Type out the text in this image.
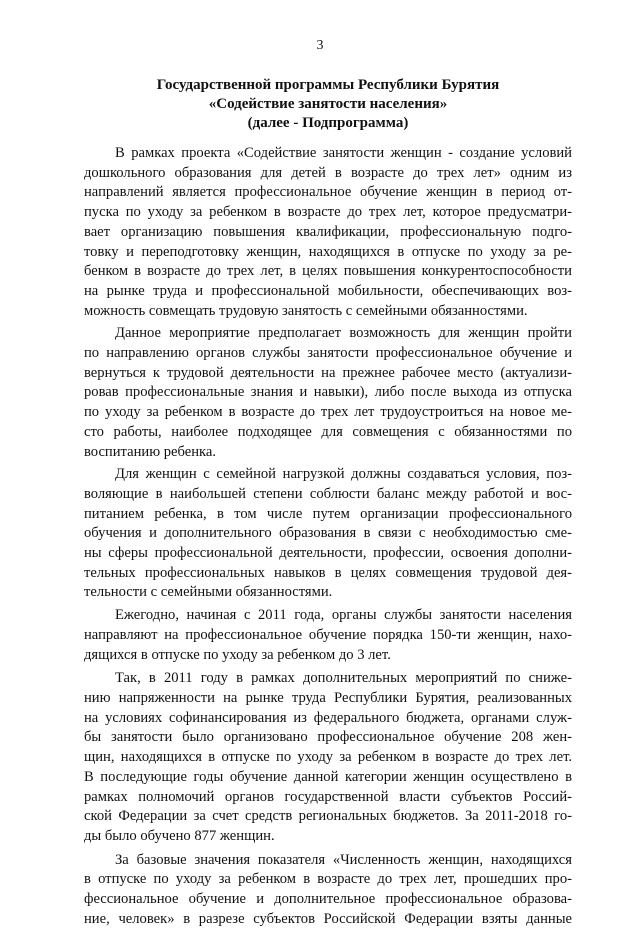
3
Государственной программы Республики Бурятия
«Содействие занятости населения»
(далее - Подпрограмма)

В рамках проекта «Содействие занятости женщин - создание условий
дошкольного образования для детей в возрасте до трех лет» одним из
направлений является профессиональное обучение женщин в период от-
пуска по уходу за ребенком в возрасте до трех лет, которое предусматри-
вает организацию повышения квалификации, профессиональную подго-
товку и переподготовку женщин, находящихся в отпуске по уходу за ре-
бенком в возрасте до трех лет, в целях повышения конкурентоспособности
на рынке труда и профессиональной мобильности, обеспечивающих воз-
можность совмещать трудовую занятость с семейными обязанностями.

Данное мероприятие предполагает возможность для женщин пройти
по направлению органов службы занятости профессиональное обучение и
вернуться к трудовой деятельности на прежнее рабочее место (актуализи-
ровав профессиональные знания и навыки), либо после выхода из отпуска
по уходу за ребенком в возрасте до трех лет трудоустроиться на новое ме-
сто работы, наиболее подходящее для совмещения с обязанностями по
воспитанию ребенка.

Для женщин с семейной нагрузкой должны создаваться условия, поз-
воляющие в наибольшей степени соблюсти баланс между работой и вос-
питанием ребенка, в том числе путем организации профессионального
обучения и дополнительного образования в связи с необходимостью сме-
ны сферы профессиональной деятельности, профессии, освоения дополни-
тельных профессиональных навыков в целях совмещения трудовой дея-
тельности с семейными обязанностями.

Ежегодно, начиная с 2011 года, органы службы занятости населения
направляют на профессиональное обучение порядка 150-ти женщин, нахо-
дящихся в отпуске по уходу за ребенком до 3 лет.

Так, в 2011 году в рамках дополнительных мероприятий по сниже-
нию напряженности на рынке труда Республики Бурятия, реализованных
на условиях софинансирования из федерального бюджета, органами служ-
бы занятости было организовано профессиональное обучение 208 жен-
щин, находящихся в отпуске по уходу за ребенком в возрасте до трех лет.
В последующие годы обучение данной категории женщин осуществлено в
рамках полномочий органов государственной власти субъектов Россий-
ской Федерации за счет средств региональных бюджетов. За 2011-2018 го-
ды было обучено 877 женщин.

За базовые значения показателя «Численность женщин, находящихся
в отпуске по уходу за ребенком в возрасте до трех лет, прошедших про-
фессиональное обучение и дополнительное профессиональное образова-
ние, человек» в разрезе субъектов Российской Федерации взяты данные
